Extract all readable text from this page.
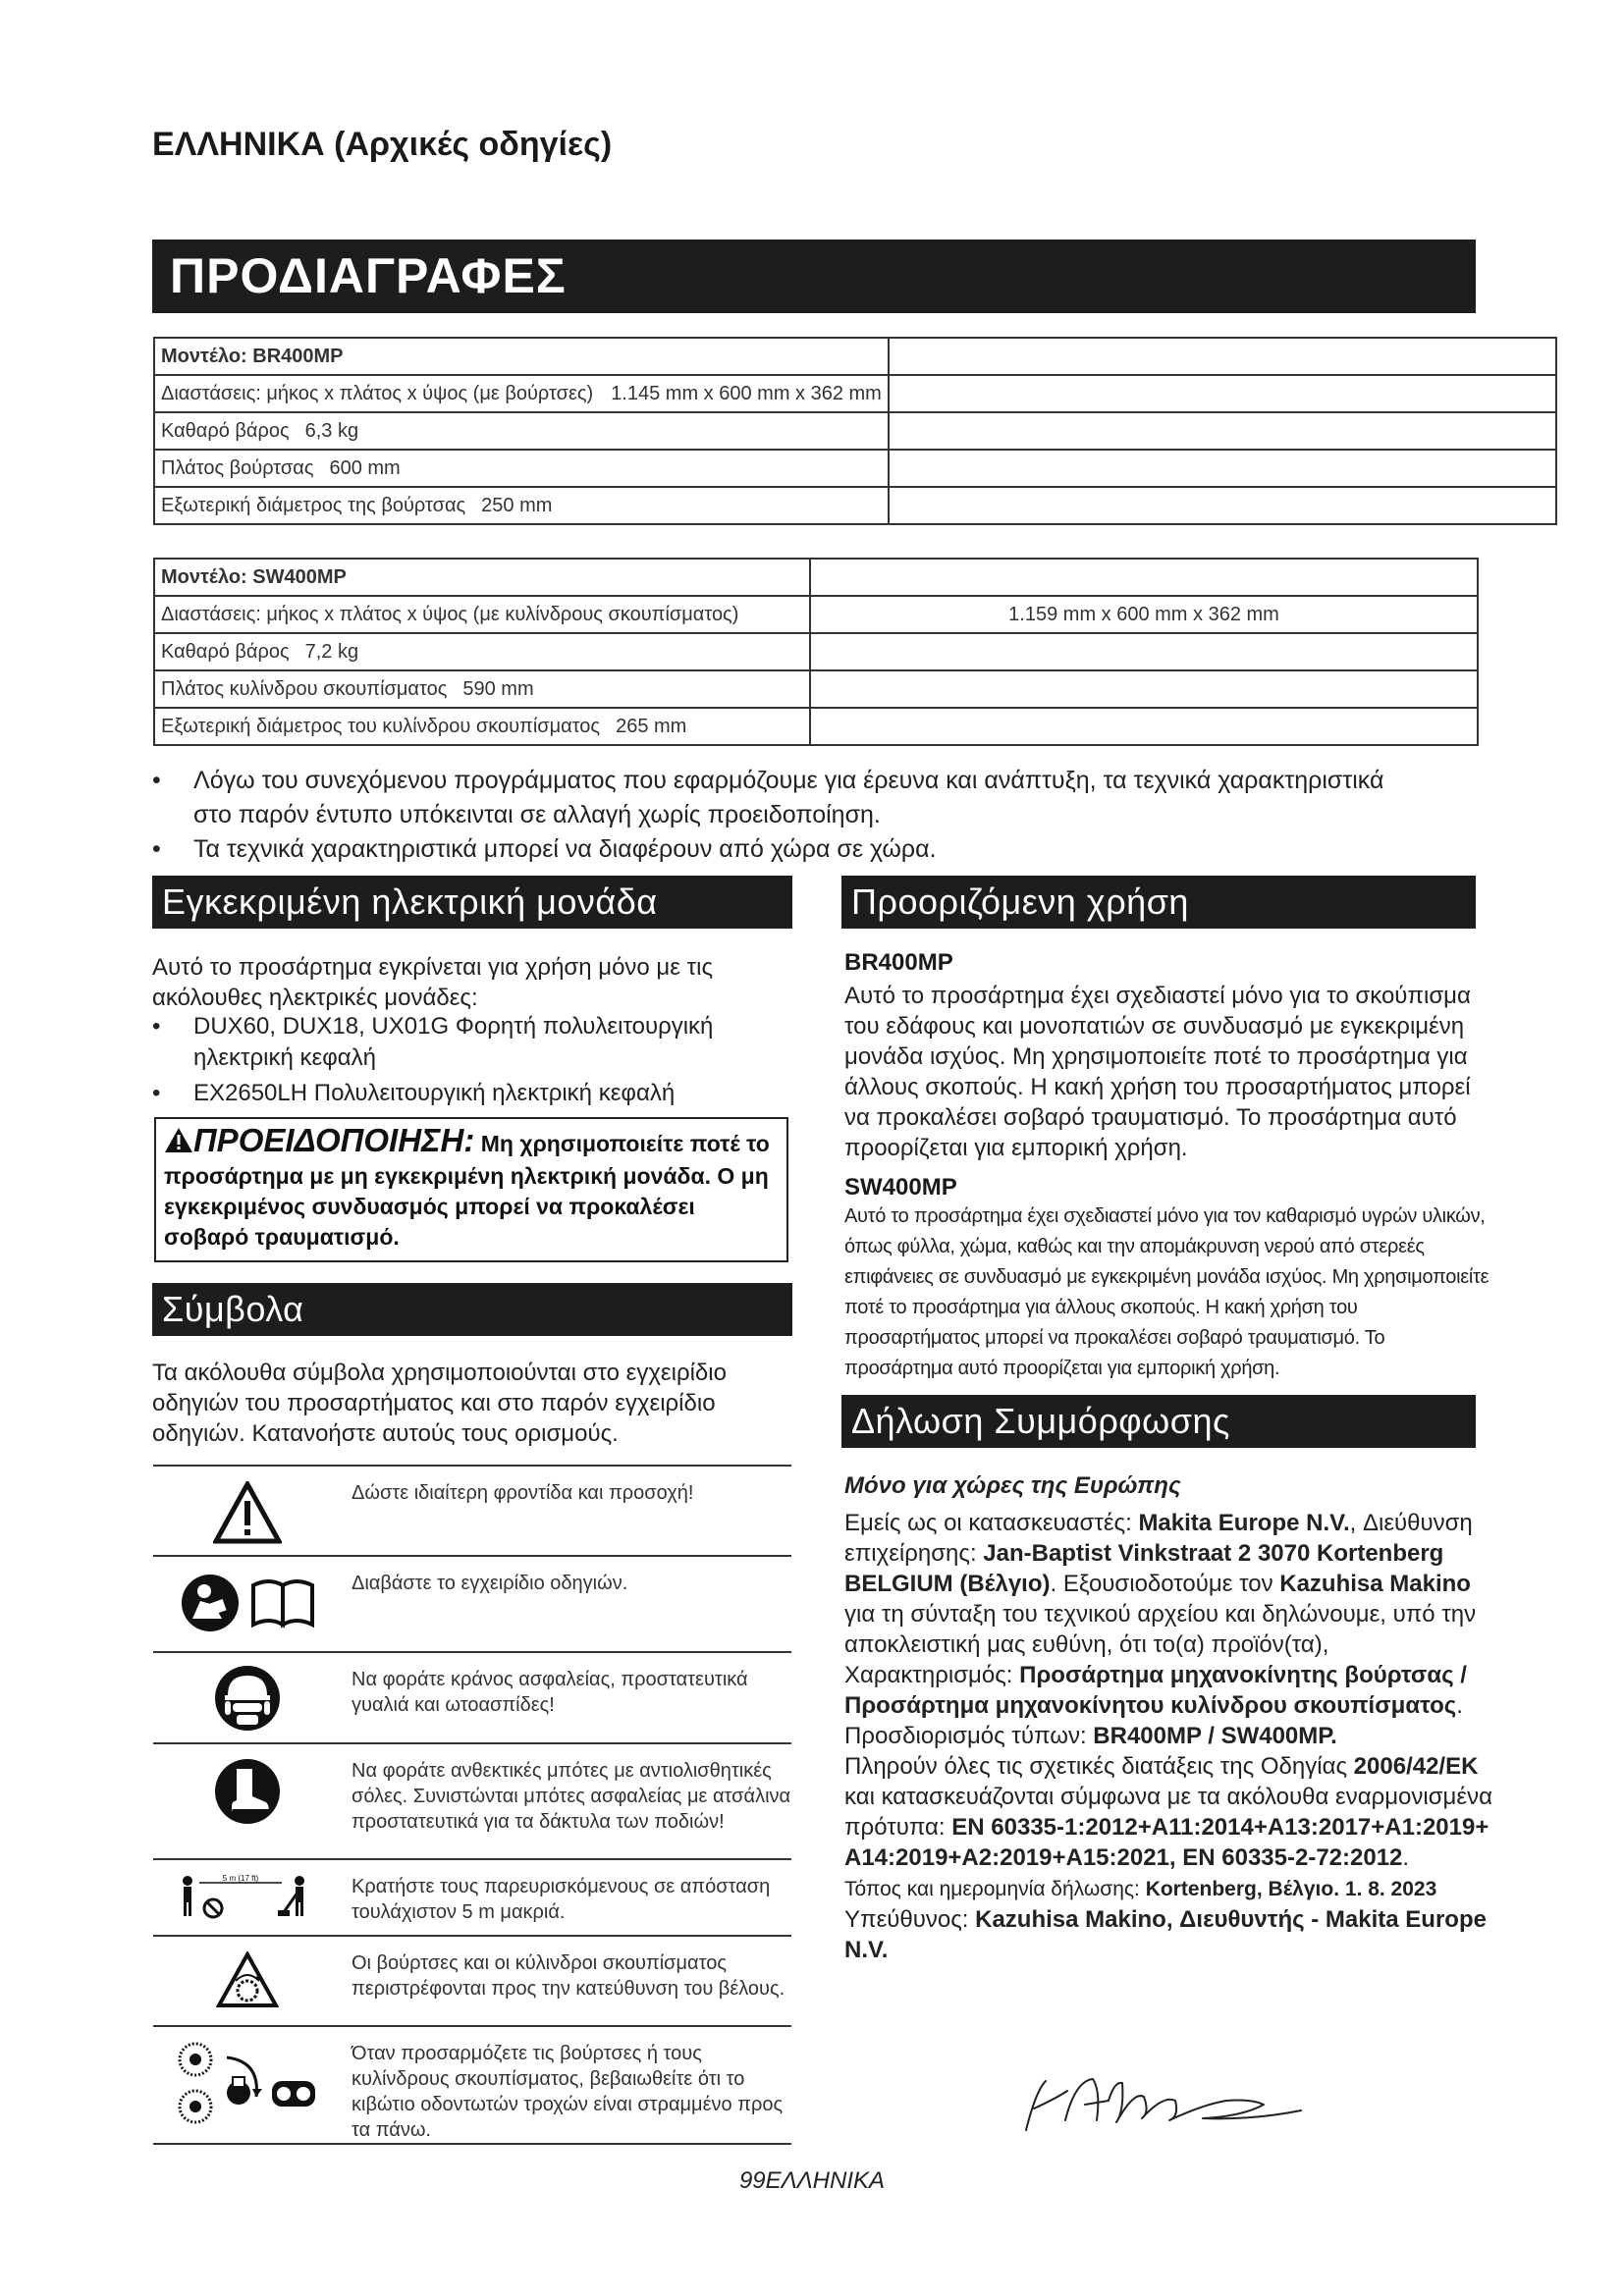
ΕΛΛΗΝΙΚΑ (Αρχικές οδηγίες)
ΠΡΟΔΙΑΓΡΑΦΕΣ
Μοντέλο: BR400MP	
Διαστάσεις: μήκος x πλάτος x ύψος (με βούρτσες) 1.145 mm x 600 mm x 362 mm	
Καθαρό βάρος 6,3 kg	
Πλάτος βούρτσας 600 mm	
Εξωτερική διάμετρος της βούρτσας 250 mm	
Μοντέλο: SW400MP	
Διαστάσεις: μήκος x πλάτος x ύψος (με κυλίνδρους σκουπίσματος)	1.159 mm x 600 mm x 362 mm
Καθαρό βάρος 7,2 kg	
Πλάτος κυλίνδρου σκουπίσματος 590 mm	
Εξωτερική διάμετρος του κυλίνδρου σκουπίσματος 265 mm	
• Λόγω του συνεχόμενου προγράμματος που εφαρμόζουμε για έρευνα και ανάπτυξη, τα τεχνικά χαρακτηριστικά
στο παρόν έντυπο υπόκεινται σε αλλαγή χωρίς προειδοποίηση.
• Τα τεχνικά χαρακτηριστικά μπορεί να διαφέρουν από χώρα σε χώρα.
Εγκεκριμένη ηλεκτρική μονάδα
Αυτό το προσάρτημα εγκρίνεται για χρήση μόνο με τις ακόλουθες ηλεκτρικές μονάδες:
• DUX60, DUX18, UX01G Φορητή πολυλειτουργική
ηλεκτρική κεφαλή
• EX2650LH Πολυλειτουργική ηλεκτρική κεφαλή
ΠΡΟΕΙΔΟΠΟΙΗΣΗ: Μη χρησιμοποιείτε ποτέ το προσάρτημα με μη εγκεκριμένη ηλεκτρική μονάδα. Ο μη εγκεκριμένος συνδυασμός μπορεί να προκαλέσει σοβαρό τραυματισμό.
Σύμβολα
Τα ακόλουθα σύμβολα χρησιμοποιούνται στο εγχειρίδιο οδηγιών του προσαρτήματος και στο παρόν εγχειρίδιο οδηγιών. Κατανοήστε αυτούς τους ορισμούς.
	Δώστε ιδιαίτερη φροντίδα και προσοχή!
	Διαβάστε το εγχειρίδιο οδηγιών.
	Να φοράτε κράνος ασφαλείας, προστατευτικά γυαλιά και ωτοασπίδες!
	Να φοράτε ανθεκτικές μπότες με αντιολισθητικές σόλες. Συνιστώνται μπότες ασφαλείας με ατσάλινα προστατευτικά για τα δάκτυλα των ποδιών!

5 m (17 ft)	Κρατήστε τους παρευρισκόμενους σε απόσταση τουλάχιστον 5 m μακριά.
	Οι βούρτσες και οι κύλινδροι σκουπίσματος περιστρέφονται προς την κατεύθυνση του βέλους.
	Όταν προσαρμόζετε τις βούρτσες ή τους κυλίνδρους σκουπίσματος, βεβαιωθείτε ότι το κιβώτιο οδοντωτών τροχών είναι στραμμένο προς τα πάνω.
Προοριζόμενη χρήση
BR400MP
Αυτό το προσάρτημα έχει σχεδιαστεί μόνο για το σκούπισμα του εδάφους και μονοπατιών σε συνδυασμό με εγκεκριμένη μονάδα ισχύος. Μη χρησιμοποιείτε ποτέ το προσάρτημα για άλλους σκοπούς. Η κακή χρήση του προσαρτήματος μπορεί να προκαλέσει σοβαρό τραυματισμό. Το προσάρτημα αυτό προορίζεται για εμπορική χρήση.
SW400MP
Αυτό το προσάρτημα έχει σχεδιαστεί μόνο για τον καθαρισμό υγρών υλικών, όπως φύλλα, χώμα, καθώς και την απομάκρυνση νερού από στερεές επιφάνειες σε συνδυασμό με εγκεκριμένη μονάδα ισχύος. Μη χρησιμοποιείτε ποτέ το προσάρτημα για άλλους σκοπούς. Η κακή χρήση του προσαρτήματος μπορεί να προκαλέσει σοβαρό τραυματισμό. Το προσάρτημα αυτό προορίζεται για εμπορική χρήση.
Δήλωση Συμμόρφωσης
Μόνο για χώρες της Ευρώπης
Εμείς ως οι κατασκευαστές: Makita Europe N.V., Διεύθυνση επιχείρησης: Jan-Baptist Vinkstraat 2 3070 Kortenberg BELGIUM (Βέλγιο). Εξουσιοδοτούμε τον Kazuhisa Makino για τη σύνταξη του τεχνικού αρχείου και δηλώνουμε, υπό την αποκλειστική μας ευθύνη, ότι το(α) προϊόν(τα),
Χαρακτηρισμός: Προσάρτημα μηχανοκίνητης βούρτσας / Προσάρτημα μηχανοκίνητου κυλίνδρου σκουπίσματος. Προσδιορισμός τύπων: BR400MP / SW400MP.
Πληρούν όλες τις σχετικές διατάξεις της Οδηγίας 2006/42/ΕΚ και κατασκευάζονται σύμφωνα με τα ακόλουθα εναρμονισμένα πρότυπα: EN 60335-1:2012+A11:2014+A13:2017+A1:2019+A14:2019+A2:2019+A15:2021, EN 60335-2-72:2012.
Τόπος και ημερομηνία δήλωσης: Kortenberg, Βέλγιο. 1. 8. 2023
Υπεύθυνος: Kazuhisa Makino, Διευθυντής - Makita Europe N.V.
99ΕΛΛΗΝΙΚΑ
